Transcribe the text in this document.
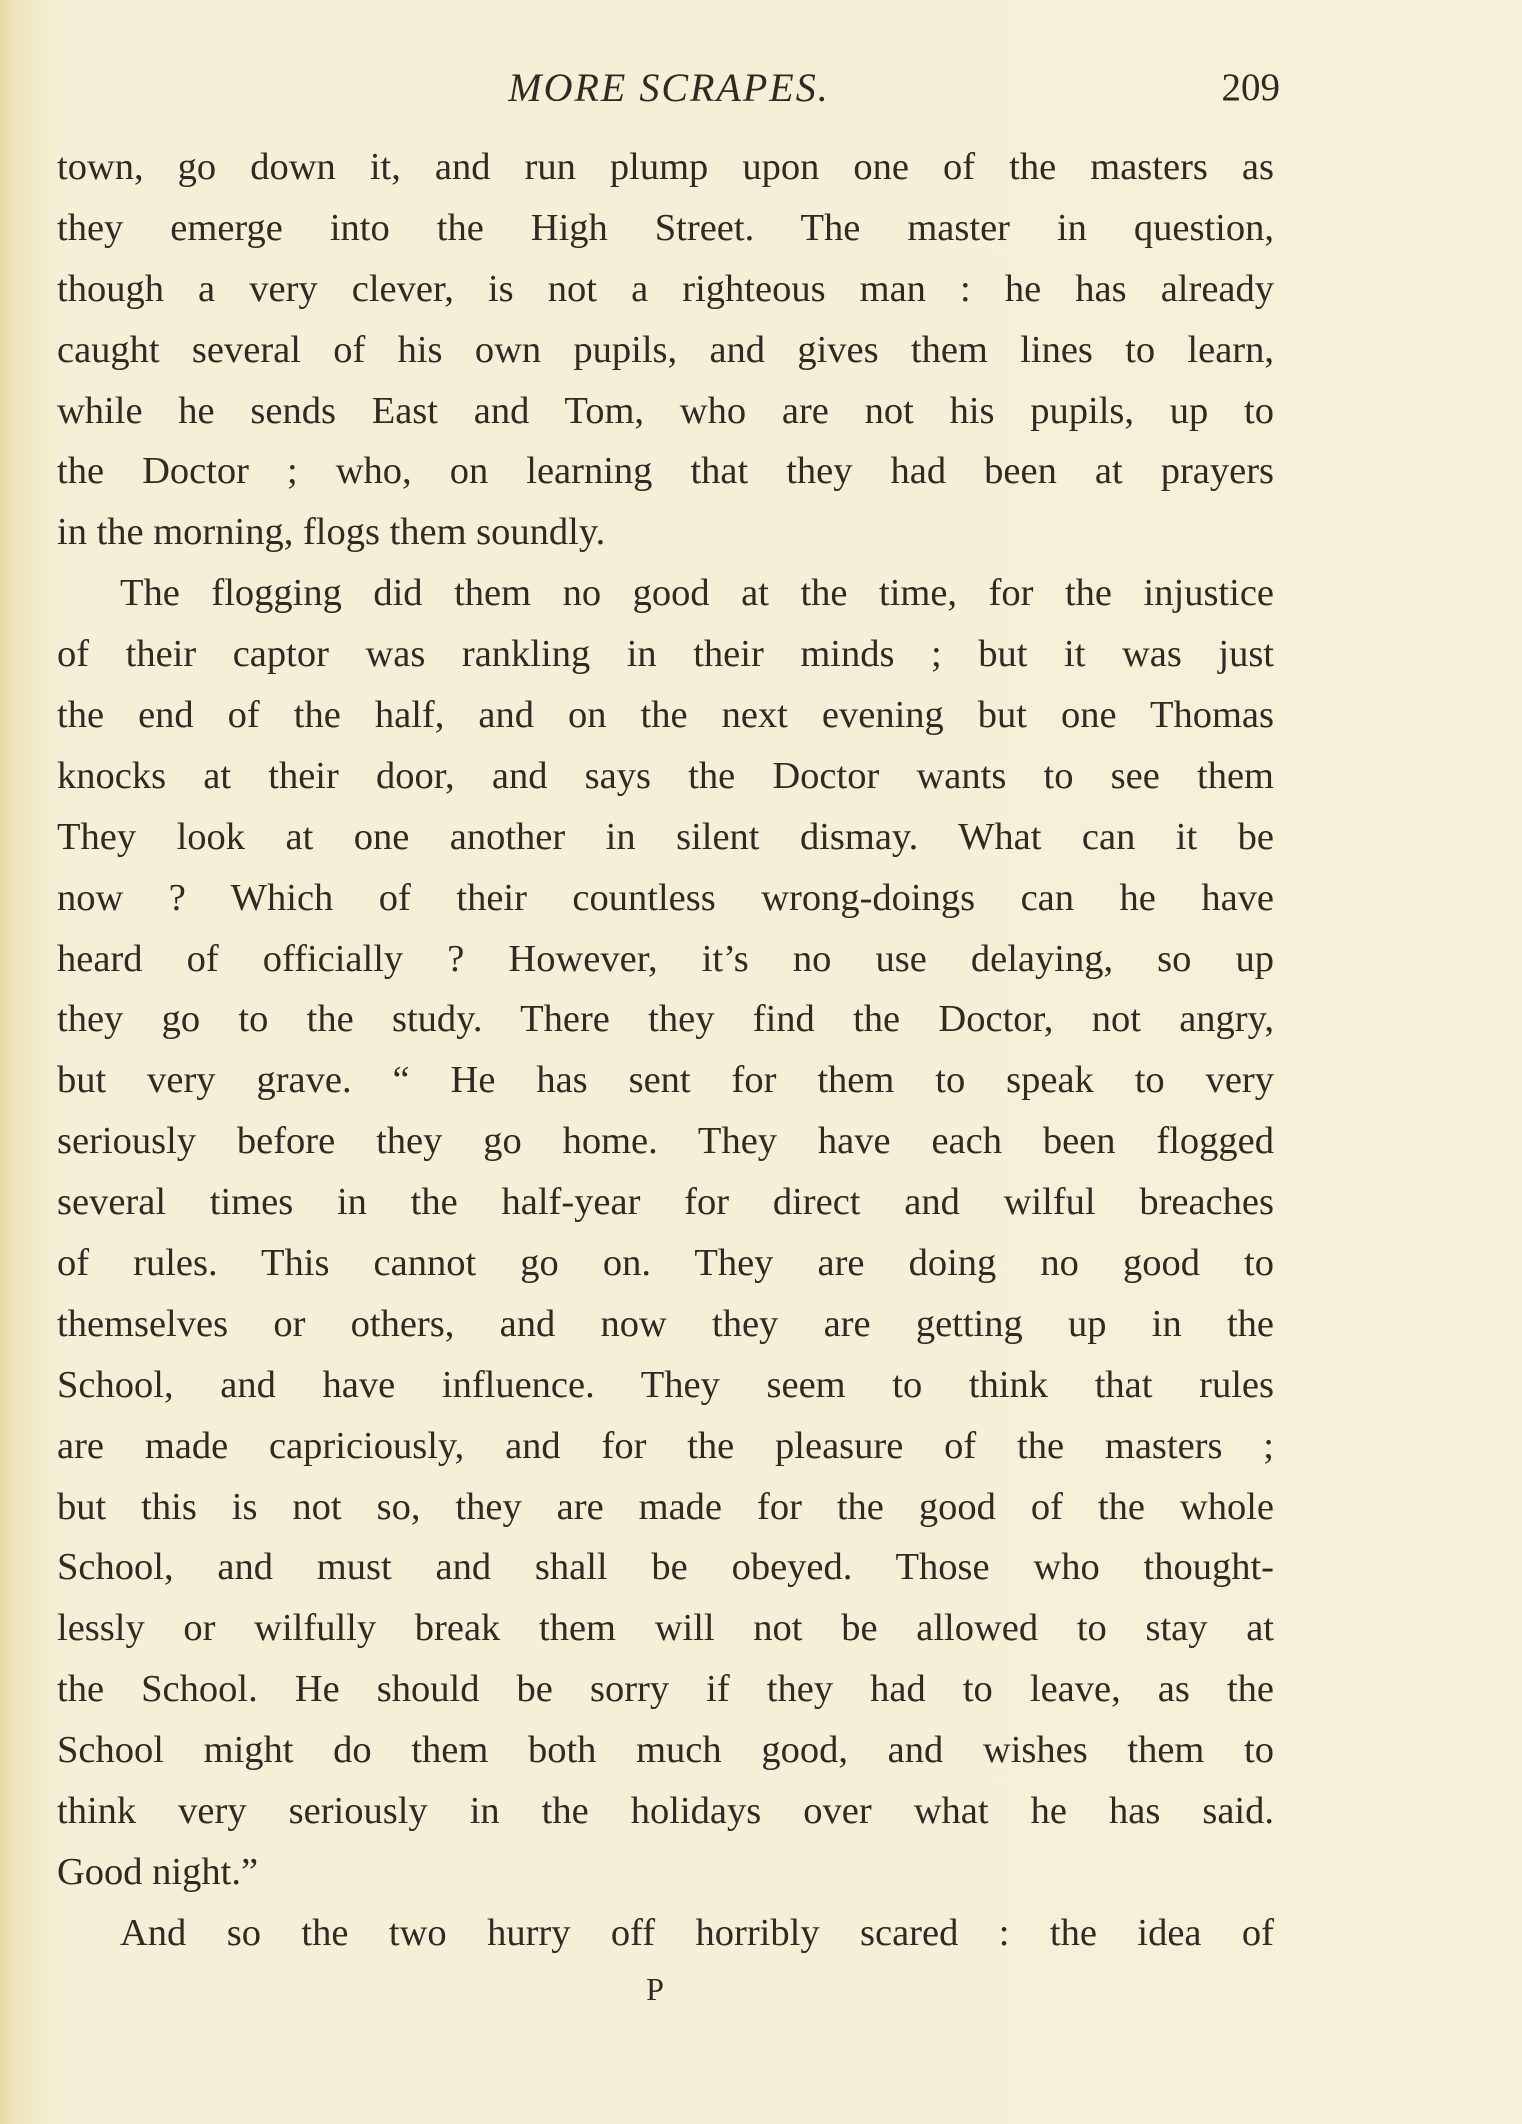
MORE SCRAPES.	209
town, go down it, and run plump upon one of the masters as
they emerge into the High Street. The master in question,
though a very clever, is not a righteous man : he has already
caught several of his own pupils, and gives them lines to learn,
while he sends East and Tom, who are not his pupils, up to
the Doctor ; who, on learning that they had been at prayers
in the morning, flogs them soundly.
The flogging did them no good at the time, for the injustice
of their captor was rankling in their minds ; but it was just
the end of the half, and on the next evening but one Thomas
knocks at their door, and says the Doctor wants to see them
They look at one another in silent dismay. What can it be
now ? Which of their countless wrong-doings can he have
heard of officially ? However, it’s no use delaying, so up
they go to the study. There they find the Doctor, not angry,
but very grave. “ He has sent for them to speak to very
seriously before they go home. They have each been flogged
several times in the half-year for direct and wilful breaches
of rules. This cannot go on. They are doing no good to
themselves or others, and now they are getting up in the
School, and have influence. They seem to think that rules
are made capriciously, and for the pleasure of the masters ;
but this is not so, they are made for the good of the whole
School, and must and shall be obeyed. Those who thought-
lessly or wilfully break them will not be allowed to stay at
the School. He should be sorry if they had to leave, as the
School might do them both much good, and wishes them to
think very seriously in the holidays over what he has said.
Good night.”
And so the two hurry off horribly scared : the idea of
P
